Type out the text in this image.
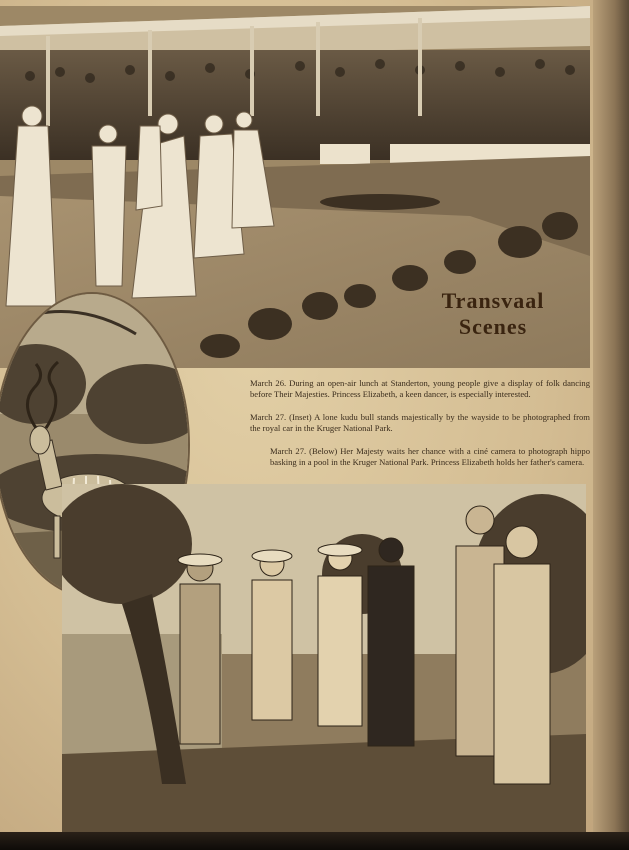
Transvaal
Scenes
March 26. During an open-air lunch at Standerton, young people give a display of folk dancing before Their Majesties. Princess Elizabeth, a keen dancer, is especially interested.
March 27. (Inset) A lone kudu bull stands majestically by the wayside to be photographed from the royal car in the Kruger National Park.
March 27. (Below) Her Majesty waits her chance with a ciné camera to photograph hippo basking in a pool in the Kruger National Park. Princess Elizabeth holds her father's camera.
